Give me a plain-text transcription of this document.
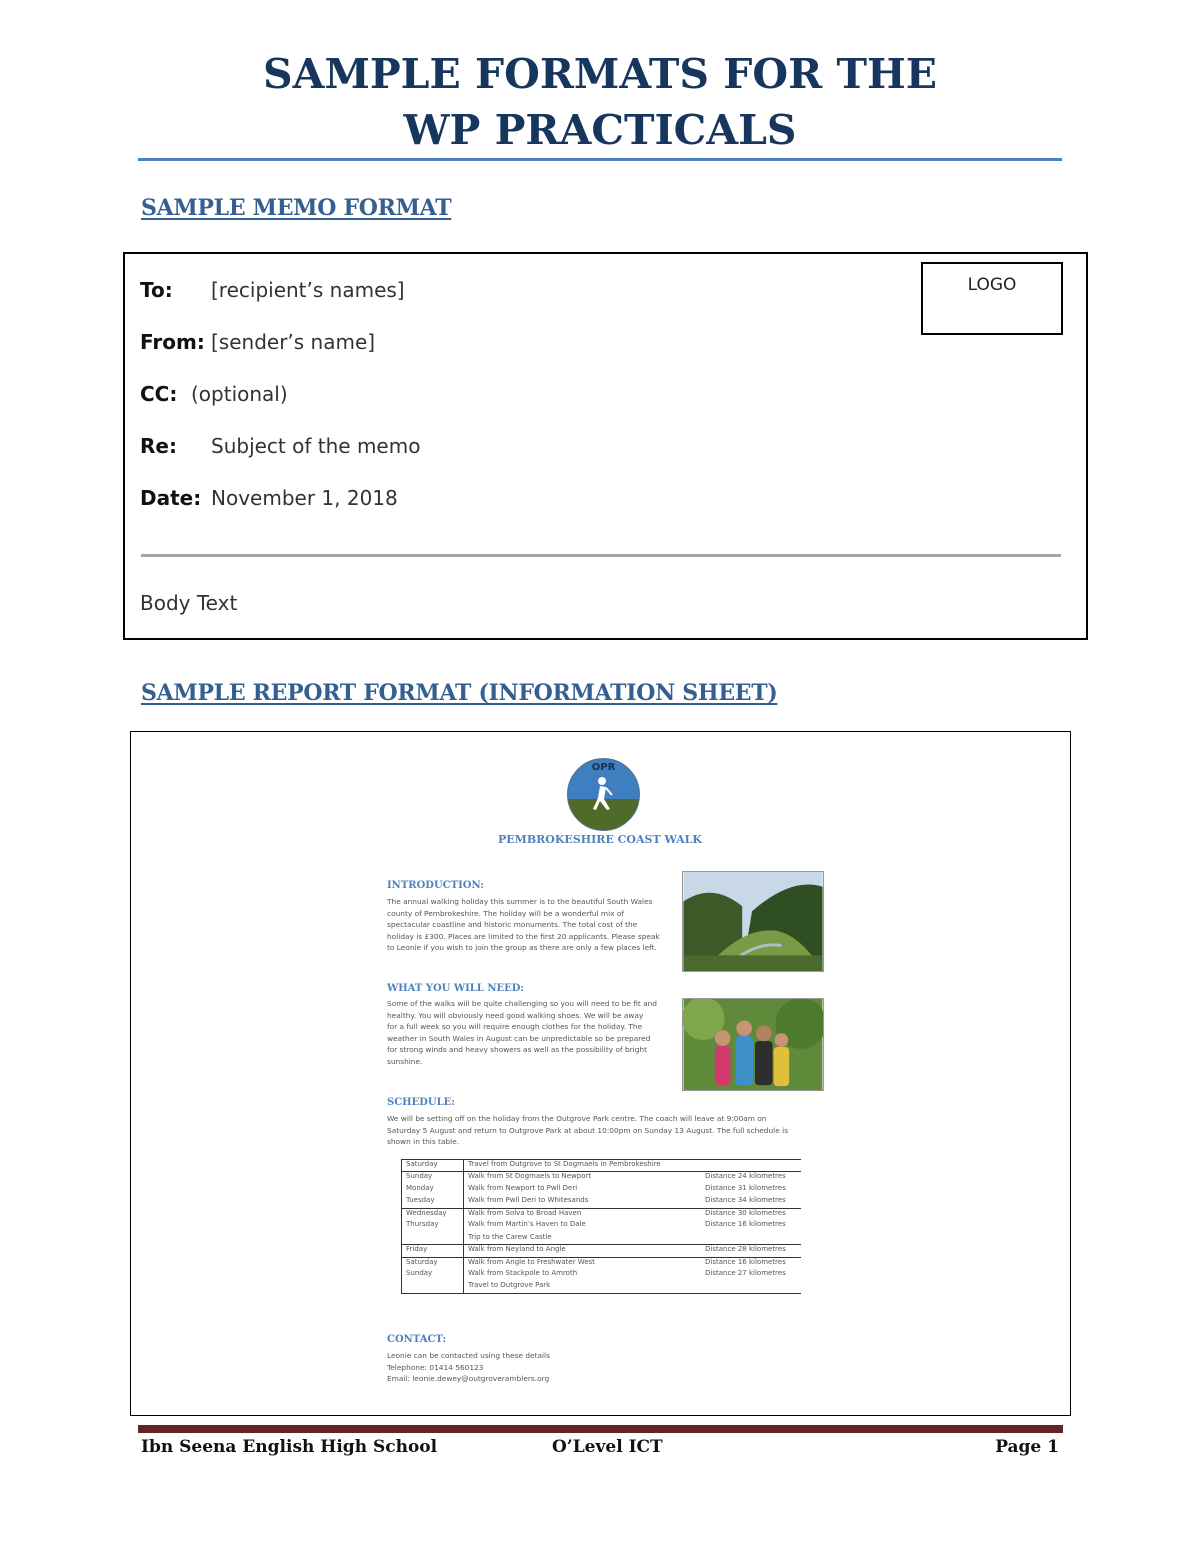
SAMPLE FORMATS FOR THE
WP PRACTICALS
SAMPLE MEMO FORMAT
LOGO
To: [recipient’s names]
From: [sender’s name]
CC: (optional)
Re: Subject of the memo
Date: November 1, 2018
Body Text
SAMPLE REPORT FORMAT (INFORMATION SHEET)
OPR
PEMBROKESHIRE COAST WALK
INTRODUCTION:
The annual walking holiday this summer is to the beautiful South Wales
county of Pembrokeshire. The holiday will be a wonderful mix of
spectacular coastline and historic monuments. The total cost of the
holiday is £300. Places are limited to the first 20 applicants. Please speak
to Leonie if you wish to join the group as there are only a few places left.
WHAT YOU WILL NEED:
Some of the walks will be quite challenging so you will need to be fit and
healthy. You will obviously need good walking shoes. We will be away
for a full week so you will require enough clothes for the holiday. The
weather in South Wales in August can be unpredictable so be prepared
for strong winds and heavy showers as well as the possibility of bright
sunshine.
SCHEDULE:
We will be setting off on the holiday from the Outgrove Park centre. The coach will leave at 9:00am on
Saturday 5 August and return to Outgrove Park at about 10:00pm on Sunday 13 August. The full schedule is
shown in this table.
Saturday	Travel from Outgrove to St Dogmaels in Pembrokeshire	
Sunday	Walk from St Dogmaels to Newport	Distance 24 kilometres
Monday	Walk from Newport to Pwll Deri	Distance 31 kilometres
Tuesday	Walk from Pwll Deri to Whitesands	Distance 34 kilometres
Wednesday	Walk from Solva to Broad Haven	Distance 30 kilometres
Thursday	Walk from Martin’s Haven to Dale	Distance 16 kilometres
	Trip to the Carew Castle	
Friday	Walk from Neyland to Angle	Distance 28 kilometres
Saturday	Walk from Angle to Freshwater West	Distance 16 kilometres
Sunday	Walk from Stackpole to Amroth	Distance 27 kilometres
	Travel to Outgrove Park	
CONTACT:
Leonie can be contacted using these details
Telephone: 01414 560123
Email: leonie.dewey@outgroveramblers.org
Ibn Seena English High School	O’Level ICT	Page 1
